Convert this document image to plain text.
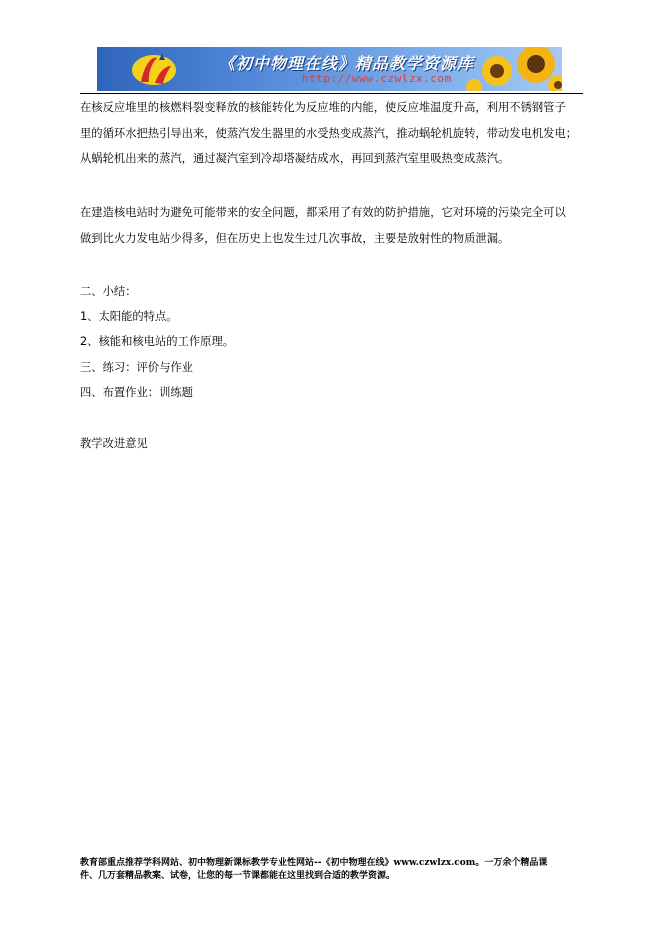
《初中物理在线》精品教学资源库
http://www.czwlzx.com
在核反应堆里的核燃料裂变释放的核能转化为反应堆的内能，使反应堆温度升高，利用不锈钢管子
里的循环水把热引导出来，使蒸汽发生器里的水受热变成蒸汽，推动蜗轮机旋转，带动发电机发电；
从蜗轮机出来的蒸汽，通过凝汽室到冷却塔凝结成水，再回到蒸汽室里吸热变成蒸汽。
在建造核电站时为避免可能带来的安全问题，都采用了有效的防护措施，它对环境的污染完全可以
做到比火力发电站少得多，但在历史上也发生过几次事故，主要是放射性的物质泄漏。
二、小结：
1、太阳能的特点。
2、核能和核电站的工作原理。
三、练习：评价与作业
四、布置作业：训练题
教学改进意见
教育部重点推荐学科网站、初中物理新课标教学专业性网站--《初中物理在线》www.czwlzx.com。一万余个精品课
件、几万套精品教案、试卷，让您的每一节课都能在这里找到合适的教学资源。
